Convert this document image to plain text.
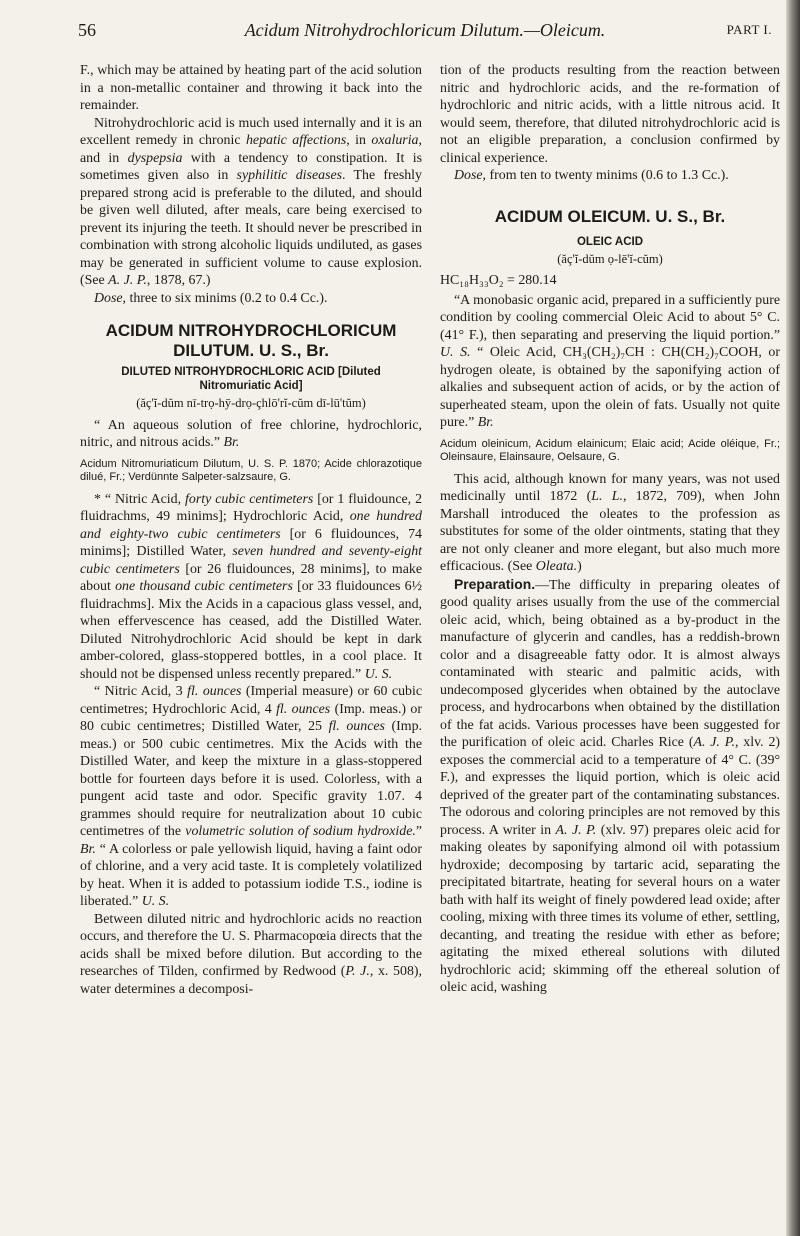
56	Acidum Nitrohydrochloricum Dilutum.—Oleicum.	PART I.

F., which may be attained by heating part of the acid solution in a non-metallic container and throwing it back into the remainder.

Nitrohydrochloric acid is much used internally and it is an excellent remedy in chronic hepatic affections, in oxaluria, and in dyspepsia with a tendency to constipation. It is sometimes given also in syphilitic diseases. The freshly prepared strong acid is preferable to the diluted, and should be given well diluted, after meals, care being exercised to prevent its injuring the teeth. It should never be prescribed in combination with strong alcoholic liquids undiluted, as gases may be generated in sufficient volume to cause explosion. (See A. J. P., 1878, 67.)

Dose, three to six minims (0.2 to 0.4 Cc.).

ACIDUM NITROHYDROCHLORICUM
DILUTUM. U. S., Br.
DILUTED NITROHYDROCHLORIC ACID [Diluted
Nitromuriatic Acid]
(ăç'ĭ-dŭm nī-trọ-hȳ-drọ-çhlō'rĭ-cŭm dī-lū'tŭm)

“ An aqueous solution of free chlorine, hydrochloric, nitric, and nitrous acids.” Br.

Acidum Nitromuriaticum Dilutum, U. S. P. 1870; Acide chlorazotique dilué, Fr.; Verdünnte Salpeter-salzsaure, G.

* “ Nitric Acid, forty cubic centimeters [or 1 fluidounce, 2 fluidrachms, 49 minims]; Hydrochloric Acid, one hundred and eighty-two cubic centimeters [or 6 fluidounces, 74 minims]; Distilled Water, seven hundred and seventy-eight cubic centimeters [or 26 fluidounces, 28 minims], to make about one thousand cubic centimeters [or 33 fluidounces 6½ fluidrachms]. Mix the Acids in a capacious glass vessel, and, when effervescence has ceased, add the Distilled Water. Diluted Nitrohydrochloric Acid should be kept in dark amber-colored, glass-stoppered bottles, in a cool place. It should not be dispensed unless recently prepared.” U. S.

“ Nitric Acid, 3 fl. ounces (Imperial measure) or 60 cubic centimetres; Hydrochloric Acid, 4 fl. ounces (Imp. meas.) or 80 cubic centimetres; Distilled Water, 25 fl. ounces (Imp. meas.) or 500 cubic centimetres. Mix the Acids with the Distilled Water, and keep the mixture in a glass-stoppered bottle for fourteen days before it is used. Colorless, with a pungent acid taste and odor. Specific gravity 1.07. 4 grammes should require for neutralization about 10 cubic centimetres of the volumetric solution of sodium hydroxide.” Br. “ A colorless or pale yellowish liquid, having a faint odor of chlorine, and a very acid taste. It is completely volatilized by heat. When it is added to potassium iodide T.S., iodine is liberated.” U. S.

Between diluted nitric and hydrochloric acids no reaction occurs, and therefore the U. S. Pharmacopœia directs that the acids shall be mixed before dilution. But according to the researches of Tilden, confirmed by Redwood (P. J., x. 508), water determines a decomposi-

tion of the products resulting from the reaction between nitric and hydrochloric acids, and the re-formation of hydrochloric and nitric acids, with a little nitrous acid. It would seem, therefore, that diluted nitrohydrochloric acid is not an eligible preparation, a conclusion confirmed by clinical experience.

Dose, from ten to twenty minims (0.6 to 1.3 Cc.).

ACIDUM OLEICUM. U. S., Br.
OLEIC ACID
(ăç'ĭ-dŭm ọ-lē'ĭ-cŭm)
HC₁₈H₃₃O₂ = 280.14

“A monobasic organic acid, prepared in a sufficiently pure condition by cooling commercial Oleic Acid to about 5° C. (41° F.), then separating and preserving the liquid portion.” U. S. “ Oleic Acid, CH₃(CH₂)₇CH : CH(CH₂)₇COOH, or hydrogen oleate, is obtained by the saponifying action of alkalies and subsequent action of acids, or by the action of superheated steam, upon the olein of fats. Usually not quite pure.” Br.

Acidum oleinicum, Acidum elainicum; Elaic acid; Acide oléique, Fr.; Oleinsaure, Elainsaure, Oelsaure, G.

This acid, although known for many years, was not used medicinally until 1872 (L. L., 1872, 709), when John Marshall introduced the oleates to the profession as substitutes for some of the older ointments, stating that they are not only cleaner and more elegant, but also much more efficacious. (See Oleata.)

Preparation.—The difficulty in preparing oleates of good quality arises usually from the use of the commercial oleic acid, which, being obtained as a by-product in the manufacture of glycerin and candles, has a reddish-brown color and a disagreeable fatty odor. It is almost always contaminated with stearic and palmitic acids, with undecomposed glycerides when obtained by the autoclave process, and hydrocarbons when obtained by the distillation of the fat acids. Various processes have been suggested for the purification of oleic acid. Charles Rice (A. J. P., xlv. 2) exposes the commercial acid to a temperature of 4° C. (39° F.), and expresses the liquid portion, which is oleic acid deprived of the greater part of the contaminating substances. The odorous and coloring principles are not removed by this process. A writer in A. J. P. (xlv. 97) prepares oleic acid for making oleates by saponifying almond oil with potassium hydroxide; decomposing by tartaric acid, separating the precipitated bitartrate, heating for several hours on a water bath with half its weight of finely powdered lead oxide; after cooling, mixing with three times its volume of ether, settling, decanting, and treating the residue with ether as before; agitating the mixed ethereal solutions with diluted hydrochloric acid; skimming off the ethereal solution of oleic acid, washing
